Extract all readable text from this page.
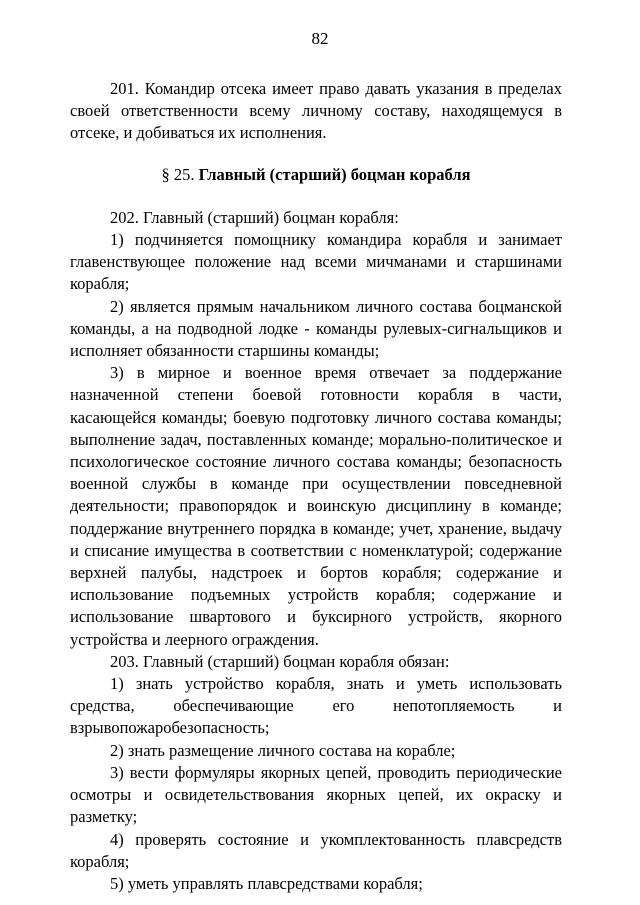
82

201. Командир отсека имеет право давать указания в пределах своей ответственности всему личному составу, находящемуся в отсеке, и добиваться их исполнения.

§ 25. Главный (старший) боцман корабля

202. Главный (старший) боцман корабля:

1) подчиняется помощнику командира корабля и занимает главенствующее положение над всеми мичманами и старшинами корабля;

2) является прямым начальником личного состава боцманской команды, а на подводной лодке - команды рулевых-сигнальщиков и исполняет обязанности старшины команды;

3) в мирное и военное время отвечает за поддержание назначенной степени боевой готовности корабля в части, касающейся команды; боевую подготовку личного состава команды; выполнение задач, поставленных команде; морально-политическое и психологическое состояние личного состава команды; безопасность военной службы в команде при осуществлении повседневной деятельности; правопорядок и воинскую дисциплину в команде; поддержание внутреннего порядка в команде; учет, хранение, выдачу и списание имущества в соответствии с номенклатурой; содержание верхней палубы, надстроек и бортов корабля; содержание и использование подъемных устройств корабля; содержание и использование швартового и буксирного устройств, якорного устройства и леерного ограждения.

203. Главный (старший) боцман корабля обязан:

1) знать устройство корабля, знать и уметь использовать средства, обеспечивающие его непотопляемость и взрывопожаробезопасность;

2) знать размещение личного состава на корабле;

3) вести формуляры якорных цепей, проводить периодические осмотры и освидетельствования якорных цепей, их окраску и разметку;

4) проверять состояние и укомплектованность плавсредств корабля;

5) уметь управлять плавсредствами корабля;
